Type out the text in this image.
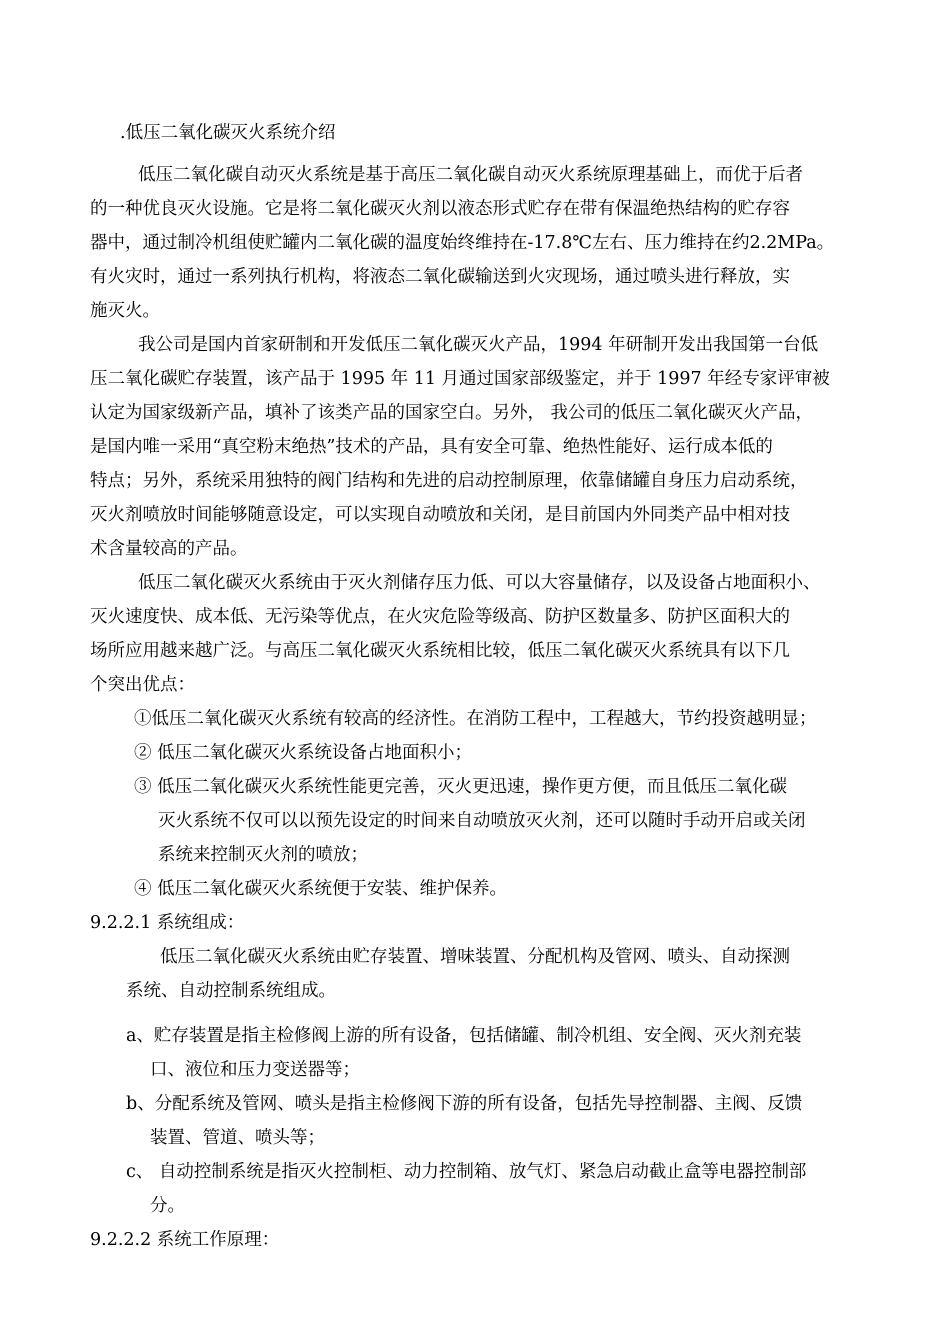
.低压二氧化碳灭火系统介绍
低压二氧化碳自动灭火系统是基于高压二氧化碳自动灭火系统原理基础上，而优于后者
的一种优良灭火设施。它是将二氧化碳灭火剂以液态形式贮存在带有保温绝热结构的贮存容
器中，通过制冷机组使贮罐内二氧化碳的温度始终维持在-17.8℃左右、压力维持在约2.2MPa。
有火灾时，通过一系列执行机构，将液态二氧化碳输送到火灾现场，通过喷头进行释放，实
施灭火。
我公司是国内首家研制和开发低压二氧化碳灭火产品，1994 年研制开发出我国第一台低
压二氧化碳贮存装置，该产品于 1995 年 11 月通过国家部级鉴定，并于 1997 年经专家评审被
认定为国家级新产品，填补了该类产品的国家空白。另外， 我公司的低压二氧化碳灭火产品，
是国内唯一采用“真空粉末绝热”技术的产品，具有安全可靠、绝热性能好、运行成本低的
特点；另外，系统采用独特的阀门结构和先进的启动控制原理，依靠储罐自身压力启动系统，
灭火剂喷放时间能够随意设定，可以实现自动喷放和关闭，是目前国内外同类产品中相对技
术含量较高的产品。
低压二氧化碳灭火系统由于灭火剂储存压力低、可以大容量储存，以及设备占地面积小、
灭火速度快、成本低、无污染等优点，在火灾危险等级高、防护区数量多、防护区面积大的
场所应用越来越广泛。与高压二氧化碳灭火系统相比较，低压二氧化碳灭火系统具有以下几
个突出优点：
①低压二氧化碳灭火系统有较高的经济性。在消防工程中，工程越大，节约投资越明显；
② 低压二氧化碳灭火系统设备占地面积小；
③ 低压二氧化碳灭火系统性能更完善，灭火更迅速，操作更方便，而且低压二氧化碳
灭火系统不仅可以以预先设定的时间来自动喷放灭火剂，还可以随时手动开启或关闭
系统来控制灭火剂的喷放；
④ 低压二氧化碳灭火系统便于安装、维护保养。
9.2.2.1 系统组成：
低压二氧化碳灭火系统由贮存装置、增味装置、分配机构及管网、喷头、自动探测
系统、自动控制系统组成。
a、贮存装置是指主检修阀上游的所有设备，包括储罐、制冷机组、安全阀、灭火剂充装
口、液位和压力变送器等；
b、分配系统及管网、喷头是指主检修阀下游的所有设备，包括先导控制器、主阀、反馈
装置、管道、喷头等；
c、 自动控制系统是指灭火控制柜、动力控制箱、放气灯、紧急启动截止盒等电器控制部
分。
9.2.2.2 系统工作原理：
